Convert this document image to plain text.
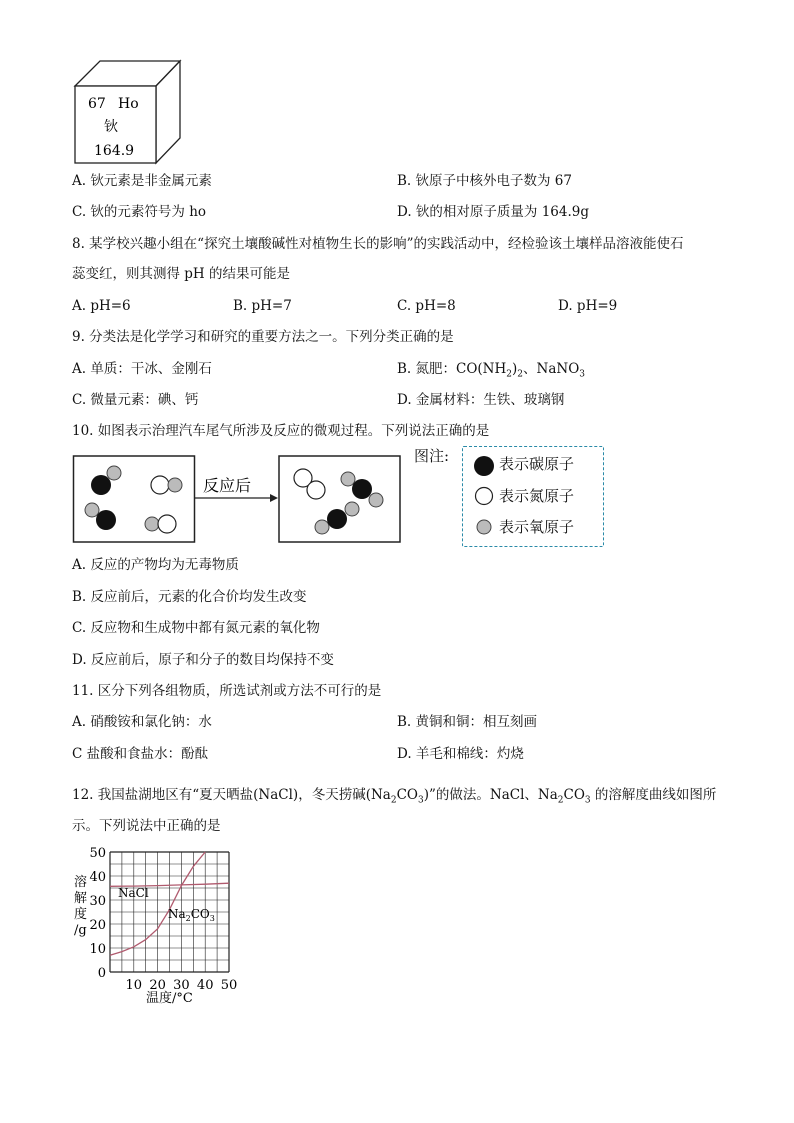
67 Ho
钬
164.9
A. 钬元素是非金属元素	B. 钬原子中核外电子数为 67
C. 钬的元素符号为 ho	D. 钬的相对原子质量为 164.9g
8. 某学校兴趣小组在“探究土壤酸碱性对植物生长的影响”的实践活动中，经检验该土壤样品溶液能使石
蕊变红，则其测得 pH 的结果可能是
A. pH=6	B. pH=7	C. pH=8	D. pH=9
9. 分类法是化学学习和研究的重要方法之一。下列分类正确的是
A. 单质：干冰、金刚石	B. 氮肥：$CO(NH_2)_2$、NaNO$_3$
C. 微量元素：碘、钙	D. 金属材料：生铁、玻璃钢
10. 如图表示治理汽车尾气所涉及反应的微观过程。下列说法正确的是
反应后
图注:	表示碳原子
表示氮原子
表示氧原子
A. 反应的产物均为无毒物质
B. 反应前后，元素的化合价均发生改变
C. 反应物和生成物中都有氮元素的氧化物
D. 反应前后，原子和分子的数目均保持不变
11. 区分下列各组物质，所选试剂或方法不可行的是
A. 硝酸铵和氯化钠：水	B. 黄铜和铜：相互刻画
C 盐酸和食盐水：酚酞	D. 羊毛和棉线：灼烧
12. 我国盐湖地区有“夏天晒盐(NaCl)，冬天捞碱$(Na_2CO_3)$”的做法。NaCl、$Na_2CO_3$ 的溶解度曲线如图所
示。下列说法中正确的是
0
10
20
30
40
50
10 20 30 40 50
溶
解
度
/g
温度/°C
NaCl
$Na_2CO_3$
